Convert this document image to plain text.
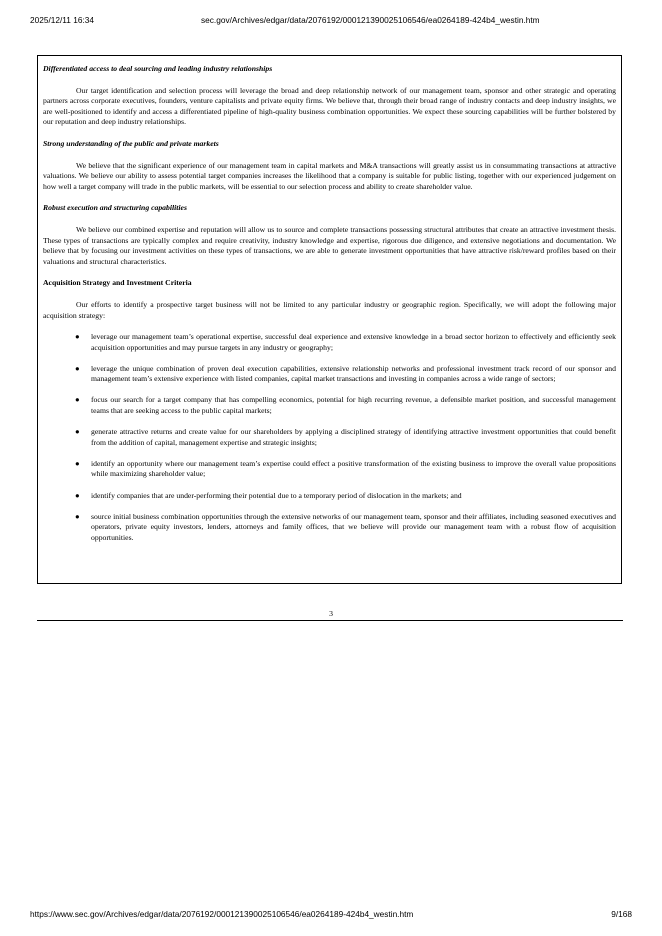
2025/12/11 16:34	sec.gov/Archives/edgar/data/2076192/000121390025106546/ea0264189-424b4_westin.htm

Differentiated access to deal sourcing and leading industry relationships

Our target identification and selection process will leverage the broad and deep relationship network of our management team, sponsor and other strategic and operating partners across corporate executives, founders, venture capitalists and private equity firms. We believe that, through their broad range of industry contacts and deep industry insights, we are well-positioned to identify and access a differentiated pipeline of high-quality business combination opportunities. We expect these sourcing capabilities will be further bolstered by our reputation and deep industry relationships.

Strong understanding of the public and private markets

We believe that the significant experience of our management team in capital markets and M&A transactions will greatly assist us in consummating transactions at attractive valuations. We believe our ability to assess potential target companies increases the likelihood that a company is suitable for public listing, together with our experienced judgement on how well a target company will trade in the public markets, will be essential to our selection process and ability to create shareholder value.

Robust execution and structuring capabilities

We believe our combined expertise and reputation will allow us to source and complete transactions possessing structural attributes that create an attractive investment thesis. These types of transactions are typically complex and require creativity, industry knowledge and expertise, rigorous due diligence, and extensive negotiations and documentation. We believe that by focusing our investment activities on these types of transactions, we are able to generate investment opportunities that have attractive risk/reward profiles based on their valuations and structural characteristics.

Acquisition Strategy and Investment Criteria

Our efforts to identify a prospective target business will not be limited to any particular industry or geographic region. Specifically, we will adopt the following major acquisition strategy:

● leverage our management team’s operational expertise, successful deal experience and extensive knowledge in a broad sector horizon to effectively and efficiently seek acquisition opportunities and may pursue targets in any industry or geography;
● leverage the unique combination of proven deal execution capabilities, extensive relationship networks and professional investment track record of our sponsor and management team’s extensive experience with listed companies, capital market transactions and investing in companies across a wide range of sectors;
● focus our search for a target company that has compelling economics, potential for high recurring revenue, a defensible market position, and successful management teams that are seeking access to the public capital markets;
● generate attractive returns and create value for our shareholders by applying a disciplined strategy of identifying attractive investment opportunities that could benefit from the addition of capital, management expertise and strategic insights;
● identify an opportunity where our management team’s expertise could effect a positive transformation of the existing business to improve the overall value propositions while maximizing shareholder value;
● identify companies that are under-performing their potential due to a temporary period of dislocation in the markets; and
● source initial business combination opportunities through the extensive networks of our management team, sponsor and their affiliates, including seasoned executives and operators, private equity investors, lenders, attorneys and family offices, that we believe will provide our management team with a robust flow of acquisition opportunities.
3
https://www.sec.gov/Archives/edgar/data/2076192/000121390025106546/ea0264189-424b4_westin.htm	9/168
